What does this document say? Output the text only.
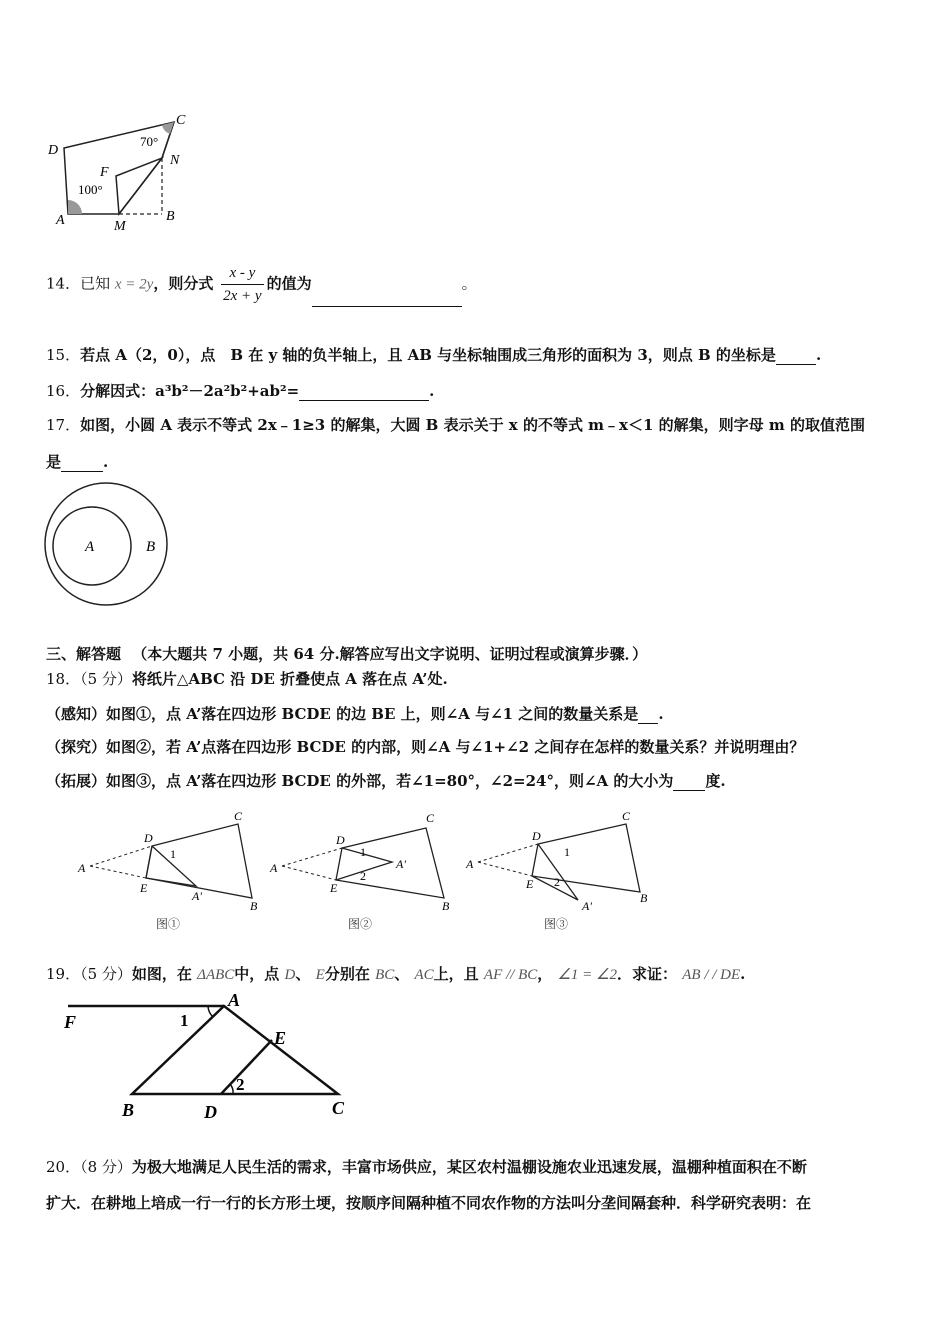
C
D
N
F
A	M
B
70°
100°
14．已知 x = 2y，则分式 $\frac{x - y}{2x + y}$ 的值为	。
15．若点 A（2，0），点　B 在 y 轴的负半轴上，且 AB 与坐标轴围成三角形的面积为 3，则点 B 的坐标是	.
16．分解因式：a³b²－2a²b²+ab²=	.
17．如图，小圆 A 表示不等式 2x﹣1≥3 的解集，大圆 B 表示关于 x 的不等式 m﹣x＜1 的解集，则字母 m 的取值范围
是	.
A	B
三、解答题 （本大题共 7 小题，共 64 分.解答应写出文字说明、证明过程或演算步骤．）
18．（5 分）将纸片△ABC 沿 DE 折叠使点 A 落在点 A’处.
（感知）如图①，点 A’落在四边形 BCDE 的边 BE 上，则∠A 与∠1 之间的数量关系是 .
（探究）如图②，若 A’点落在四边形 BCDE 的内部，则∠A 与∠1+∠2 之间存在怎样的数量关系？并说明理由？
（拓展）如图③，点 A’落在四边形 BCDE 的外部，若∠1=80°，∠2=24°，则∠A 的大小为 度.
A
D
C
E
A'
B
1
图①
A
D
C
E
A'
B
1
2
图②
A
D
C
E
A'
B
1
2
图③
19．（5 分）如图，在 ΔABC中，点 D、 E分别在 BC、 AC上，且 AF // BC， ∠1 = ∠2．求证： AB / / DE.
F
A
E
B	D	C
1
2
20．（8 分）为极大地满足人民生活的需求，丰富市场供应，某区农村温棚设施农业迅速发展，温棚种植面积在不断
扩大．在耕地上培成一行一行的长方形土埂，按顺序间隔种植不同农作物的方法叫分垄间隔套种．科学研究表明：在
